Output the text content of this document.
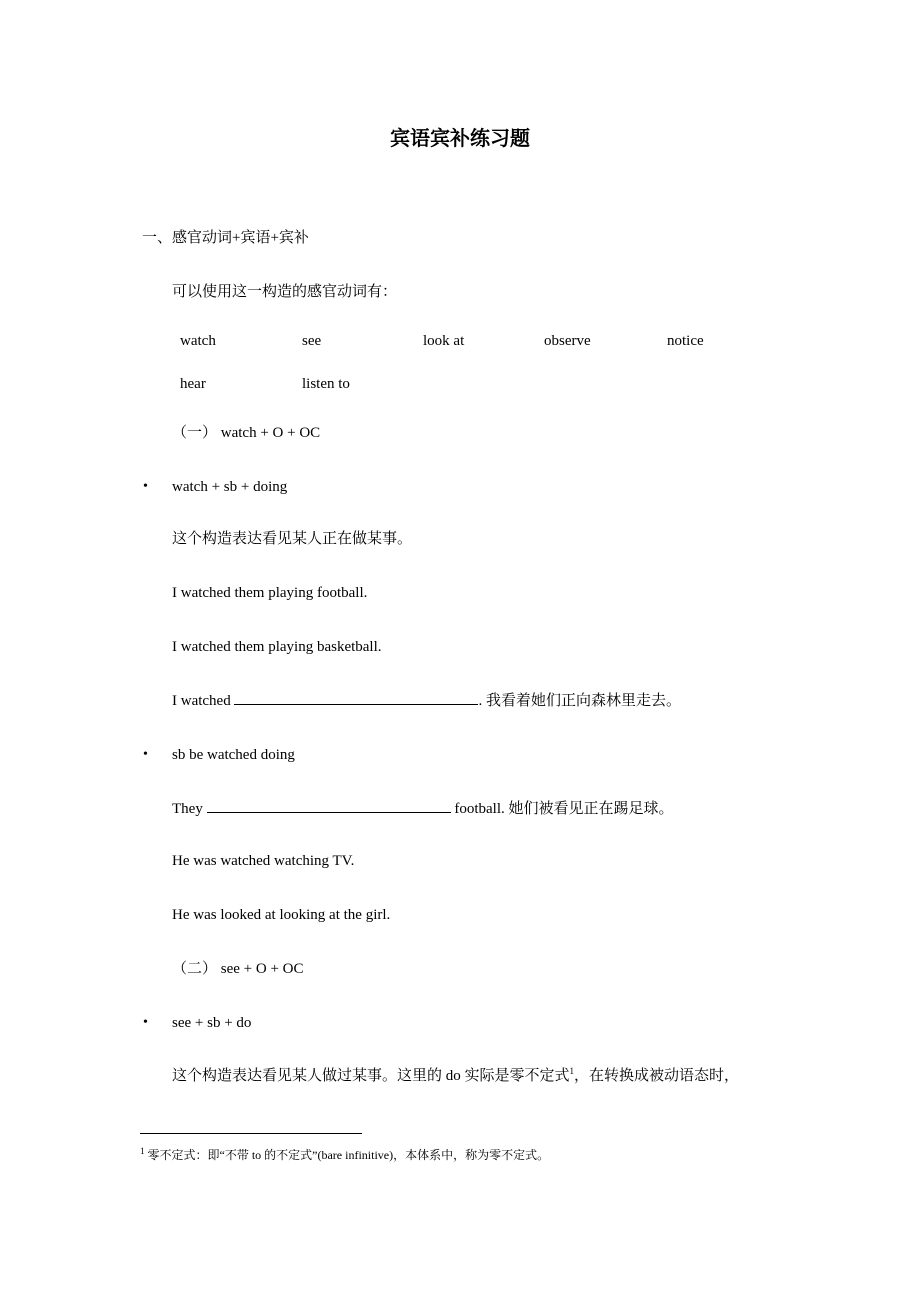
宾语宾补练习题
一、感官动词+宾语+宾补
可以使用这一构造的感官动词有：
watch	see	look at	observe	notice
hear	listen to
（一） watch + O + OC
• watch + sb + doing
这个构造表达看见某人正在做某事。
I watched them playing football.
I watched them playing basketball.
I watched	. 我看着她们正向森林里走去。
• sb be watched doing
They	football. 她们被看见正在踢足球。
He was watched watching TV.
He was looked at looking at the girl.
（二） see + O + OC
• see + sb + do
这个构造表达看见某人做过某事。这里的 do 实际是零不定式$^1$，在转换成被动语态时，
$^1$ 零不定式：即“不带 to 的不定式”(bare infinitive)，本体系中，称为零不定式。
